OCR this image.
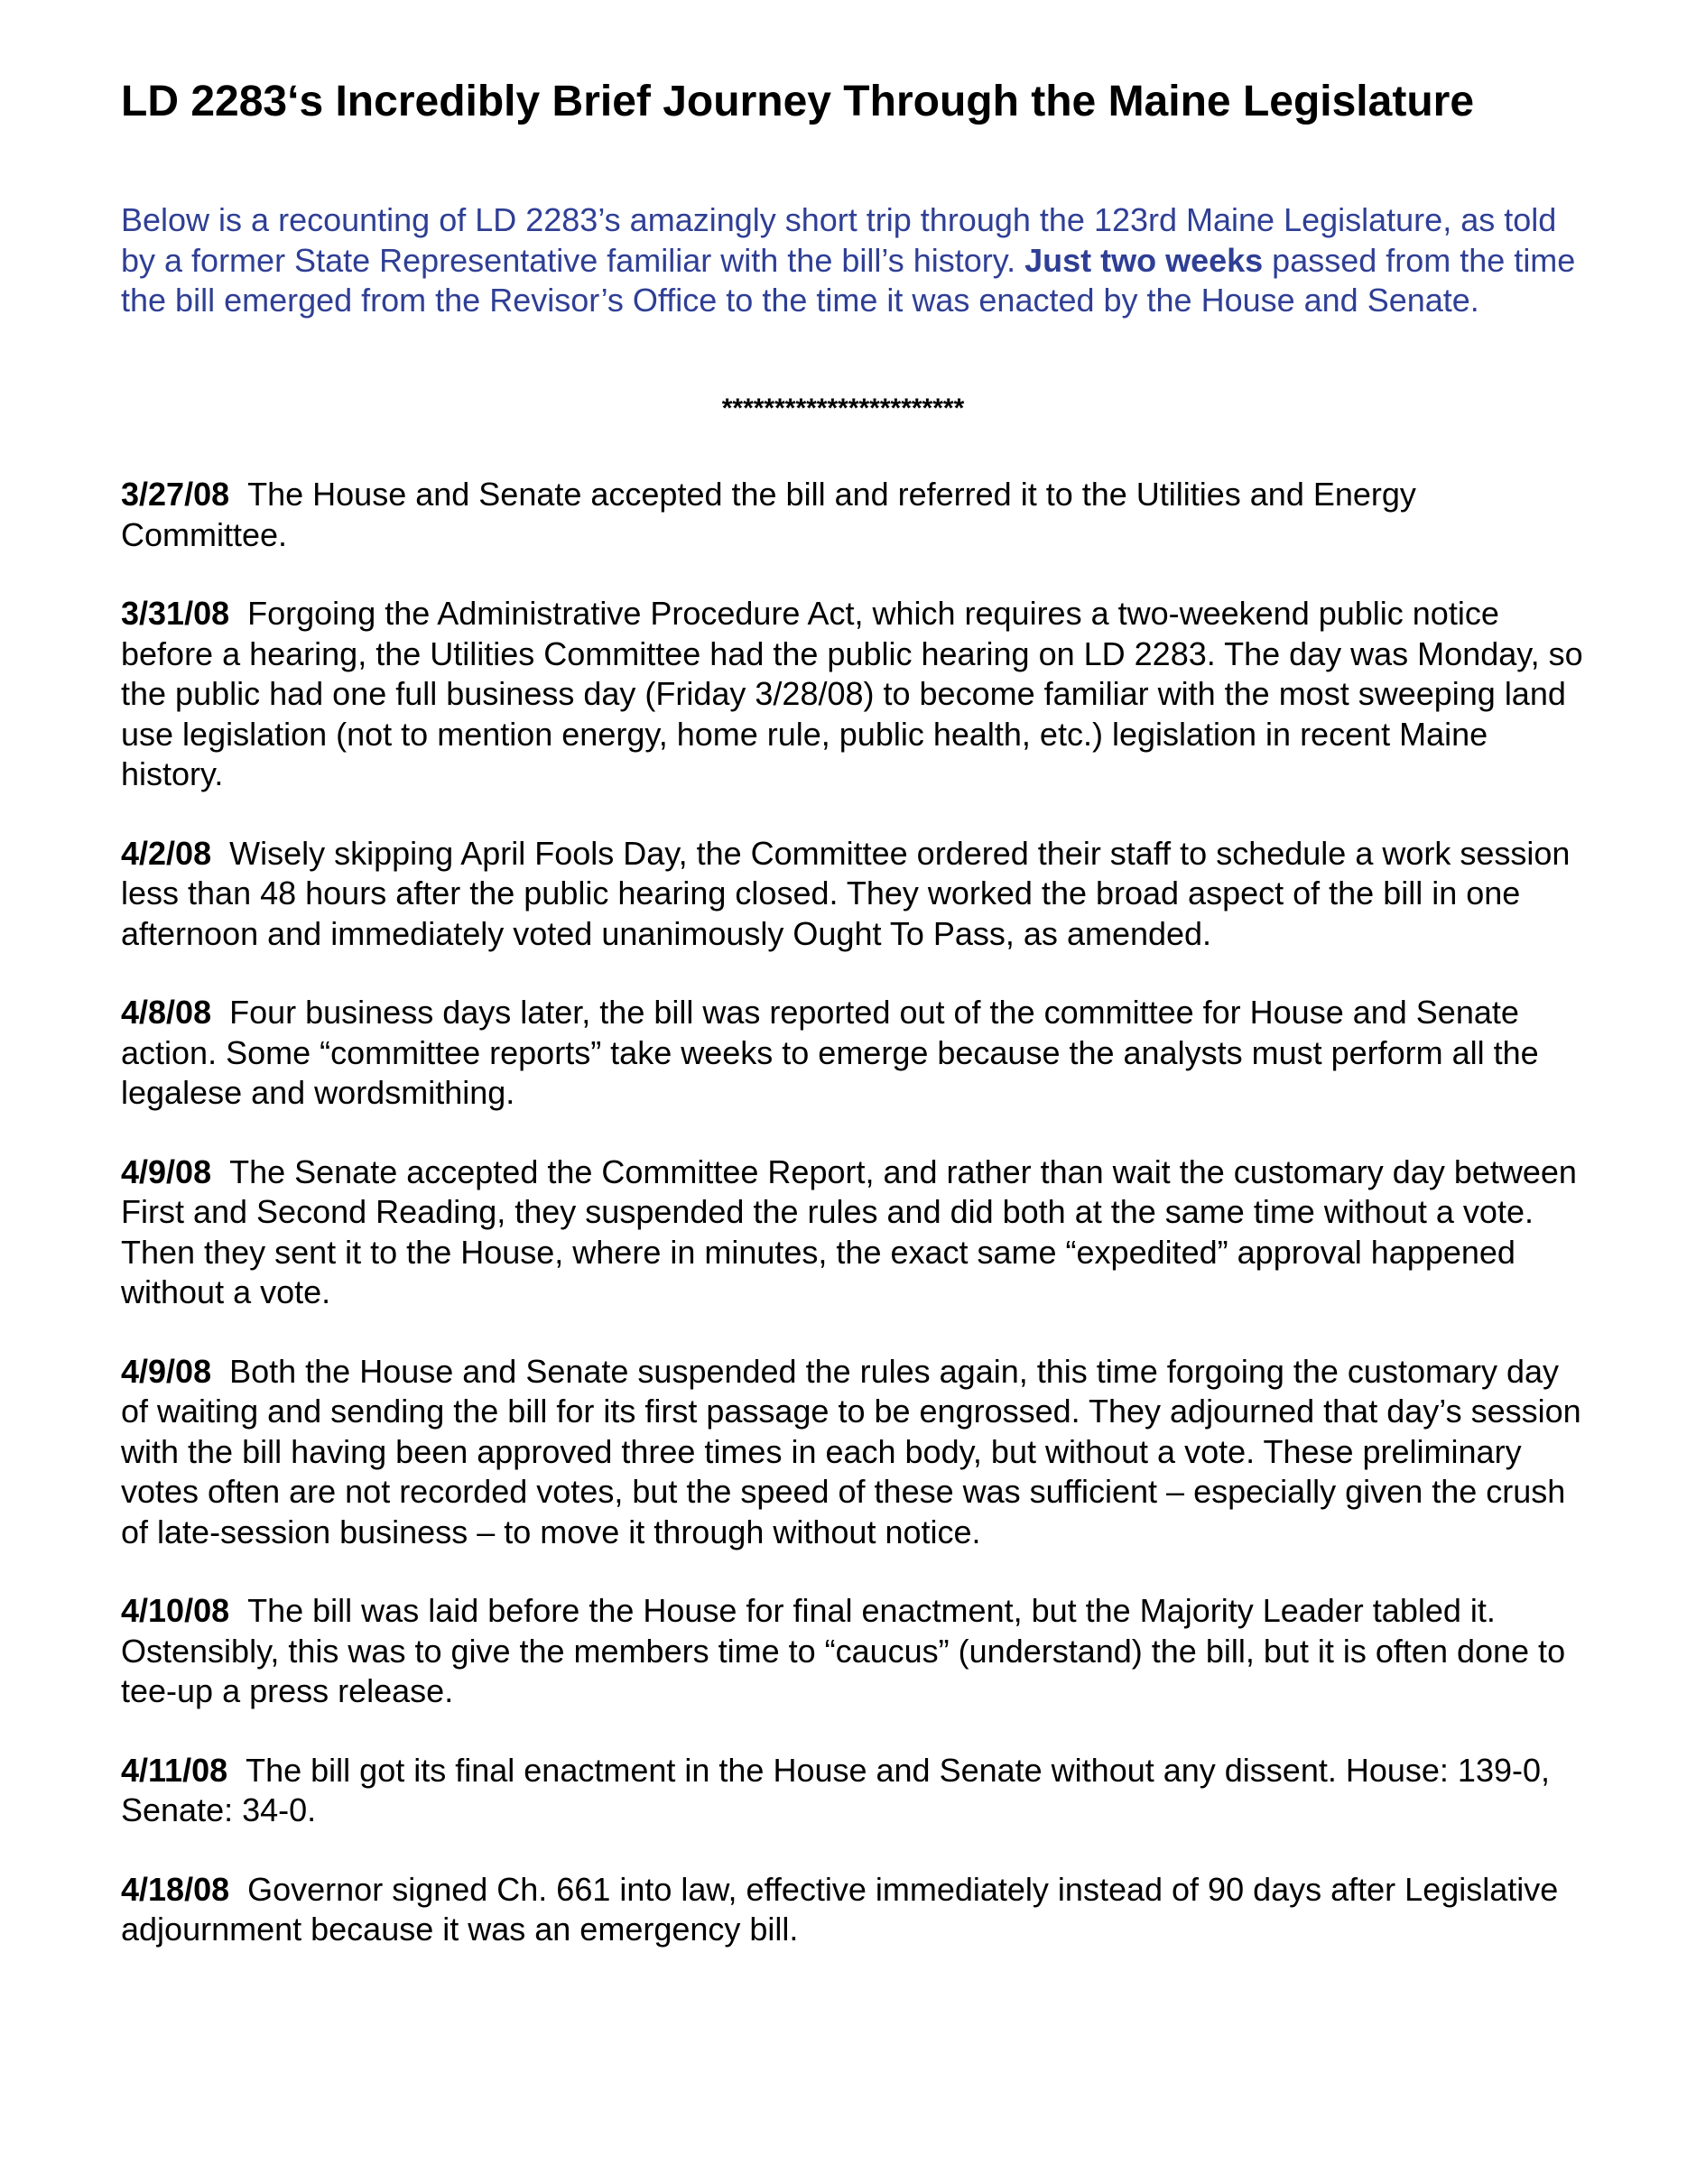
LD 2283‘s Incredibly Brief Journey Through the Maine Legislature

Below is a recounting of LD 2283’s amazingly short trip through the 123rd Maine Legislature, as told by a former State Representative familiar with the bill’s history. Just two weeks passed from the time the bill emerged from the Revisor’s Office to the time it was enacted by the House and Senate.

***********************

3/27/08 The House and Senate accepted the bill and referred it to the Utilities and Energy Committee.

3/31/08 Forgoing the Administrative Procedure Act, which requires a two-weekend public notice before a hearing, the Utilities Committee had the public hearing on LD 2283. The day was Monday, so the public had one full business day (Friday 3/28/08) to become familiar with the most sweeping land use legislation (not to mention energy, home rule, public health, etc.) legislation in recent Maine history.

4/2/08 Wisely skipping April Fools Day, the Committee ordered their staff to schedule a work session less than 48 hours after the public hearing closed. They worked the broad aspect of the bill in one afternoon and immediately voted unanimously Ought To Pass, as amended.

4/8/08 Four business days later, the bill was reported out of the committee for House and Senate action. Some “committee reports” take weeks to emerge because the analysts must perform all the legalese and wordsmithing.

4/9/08 The Senate accepted the Committee Report, and rather than wait the customary day between First and Second Reading, they suspended the rules and did both at the same time without a vote. Then they sent it to the House, where in minutes, the exact same “expedited” approval happened without a vote.

4/9/08 Both the House and Senate suspended the rules again, this time forgoing the customary day of waiting and sending the bill for its first passage to be engrossed. They adjourned that day’s session with the bill having been approved three times in each body, but without a vote. These preliminary votes often are not recorded votes, but the speed of these was sufficient – especially given the crush of late-session business – to move it through without notice.

4/10/08 The bill was laid before the House for final enactment, but the Majority Leader tabled it. Ostensibly, this was to give the members time to “caucus” (understand) the bill, but it is often done to tee-up a press release.

4/11/08 The bill got its final enactment in the House and Senate without any dissent. House: 139-0, Senate: 34-0.

4/18/08 Governor signed Ch. 661 into law, effective immediately instead of 90 days after Legislative adjournment because it was an emergency bill.
